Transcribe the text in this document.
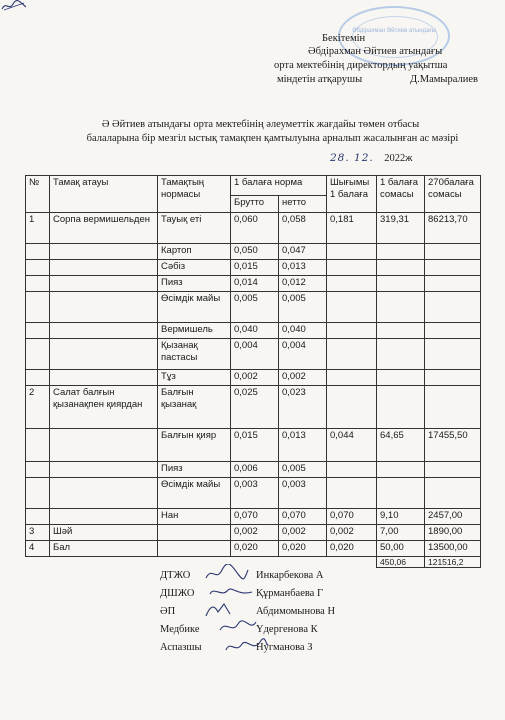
Әбдірахман Әйтиев атындағы
Бекітемін
Әбдірахман Әйтиев атындағы
орта мектебінің директордың уақытша
міндетін атқарушы	Д.Мамыралиев
Ә Әйтиев атындағы орта мектебінің әлеуметтік жағдайы төмен отбасы
балаларына бір мезгіл ыстық тамақпен қамтылуына арналып жасалынған ас мәзірі
28. 12. 2022ж
№	Тамақ атауы	Тамақтың нормасы	1 балаға норма		Шығымы 1 балаға	1 балаға сомасы	270балаға сомасы
			Брутто	нетто			
1	Сорпа вермишельден	Тауық еті	0,060	0,058	0,181	319,31	86213,70
		Картоп	0,050	0,047			
		Сәбіз	0,015	0,013			
		Пияз	0,014	0,012			
		Өсімдік майы	0,005	0,005			
		Вермишель	0,040	0,040			
		Қызанақ пастасы	0,004	0,004			
		Тұз	0,002	0,002			
2	Салат балғын қызанақпен қиярдан	Балғын қызанақ	0,025	0,023			
		Балғын қияр	0,015	0,013	0,044	64,65	17455,50
		Пияз	0,006	0,005			
		Өсімдік майы	0,003	0,003			
		Нан	0,070	0,070	0,070	9,10	2457,00
3	Шәй		0,002	0,002	0,002	7,00	1890,00
4	Бал		0,020	0,020	0,020	50,00	13500,00
						450,06	121516,2
ДТЖО	Инкарбекова А
ДШЖО	Құрманбаева Г
ӘП	Абдимомынова Н
Медбике	Үдергенова К
Аспазшы	Нугманова З
